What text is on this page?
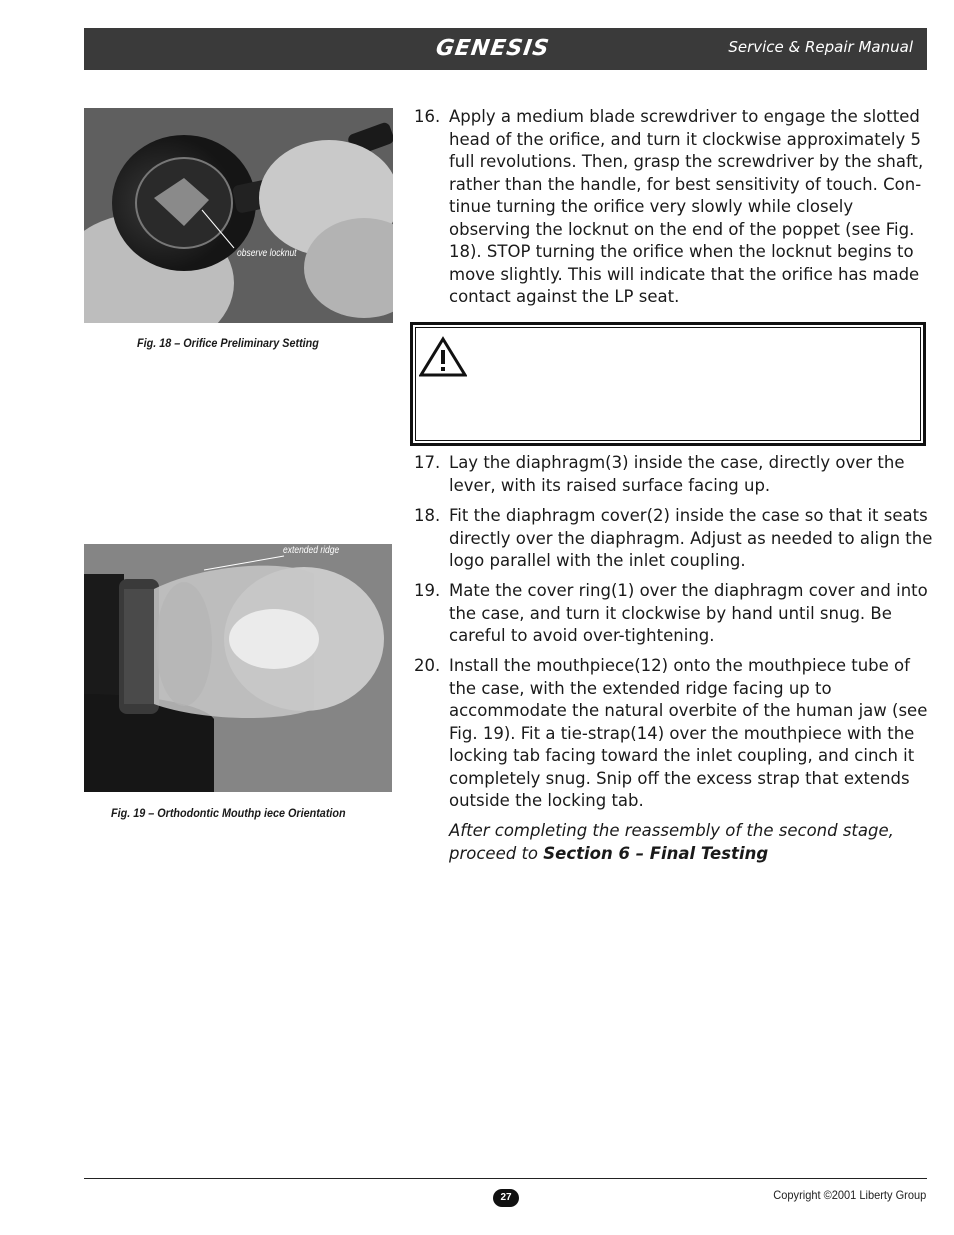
GENESIS	Service & Repair Manual
observe locknut
Fig. 18 – Orifice Preliminary Setting
extended ridge
Fig. 19 – Orthodontic Mouthp iece Orientation
16. Apply a medium blade screwdriver to engage the slotted head of the orifice, and turn it clockwise approximately 5 full revolutions. Then, grasp the screwdriver by the shaft, rather than the handle, for best sensitivity of touch. Con-tinue turning the orifice very slowly while closely observing the locknut on the end of the poppet (see Fig. 18). STOP turning the orifice when the locknut begins to move slightly. This will indicate that the orifice has made contact against the LP seat.
17. Lay the diaphragm(3) inside the case, directly over the lever, with its raised surface facing up.
18. Fit the diaphragm cover(2) inside the case so that it seats directly over the diaphragm. Adjust as needed to align the logo parallel with the inlet coupling.
19. Mate the cover ring(1) over the diaphragm cover and into the case, and turn it clockwise by hand until snug. Be careful to avoid over-tightening.
20. Install the mouthpiece(12) onto the mouthpiece tube of the case, with the extended ridge facing up to accommodate the natural overbite of the human jaw (see Fig. 19). Fit a tie-strap(14) over the mouthpiece with the locking tab facing toward the inlet coupling, and cinch it completely snug. Snip off the excess strap that extends outside the locking tab.
After completing the reassembly of the second stage, proceed to Section 6 – Final Testing
27	Copyright ©2001 Liberty Group
